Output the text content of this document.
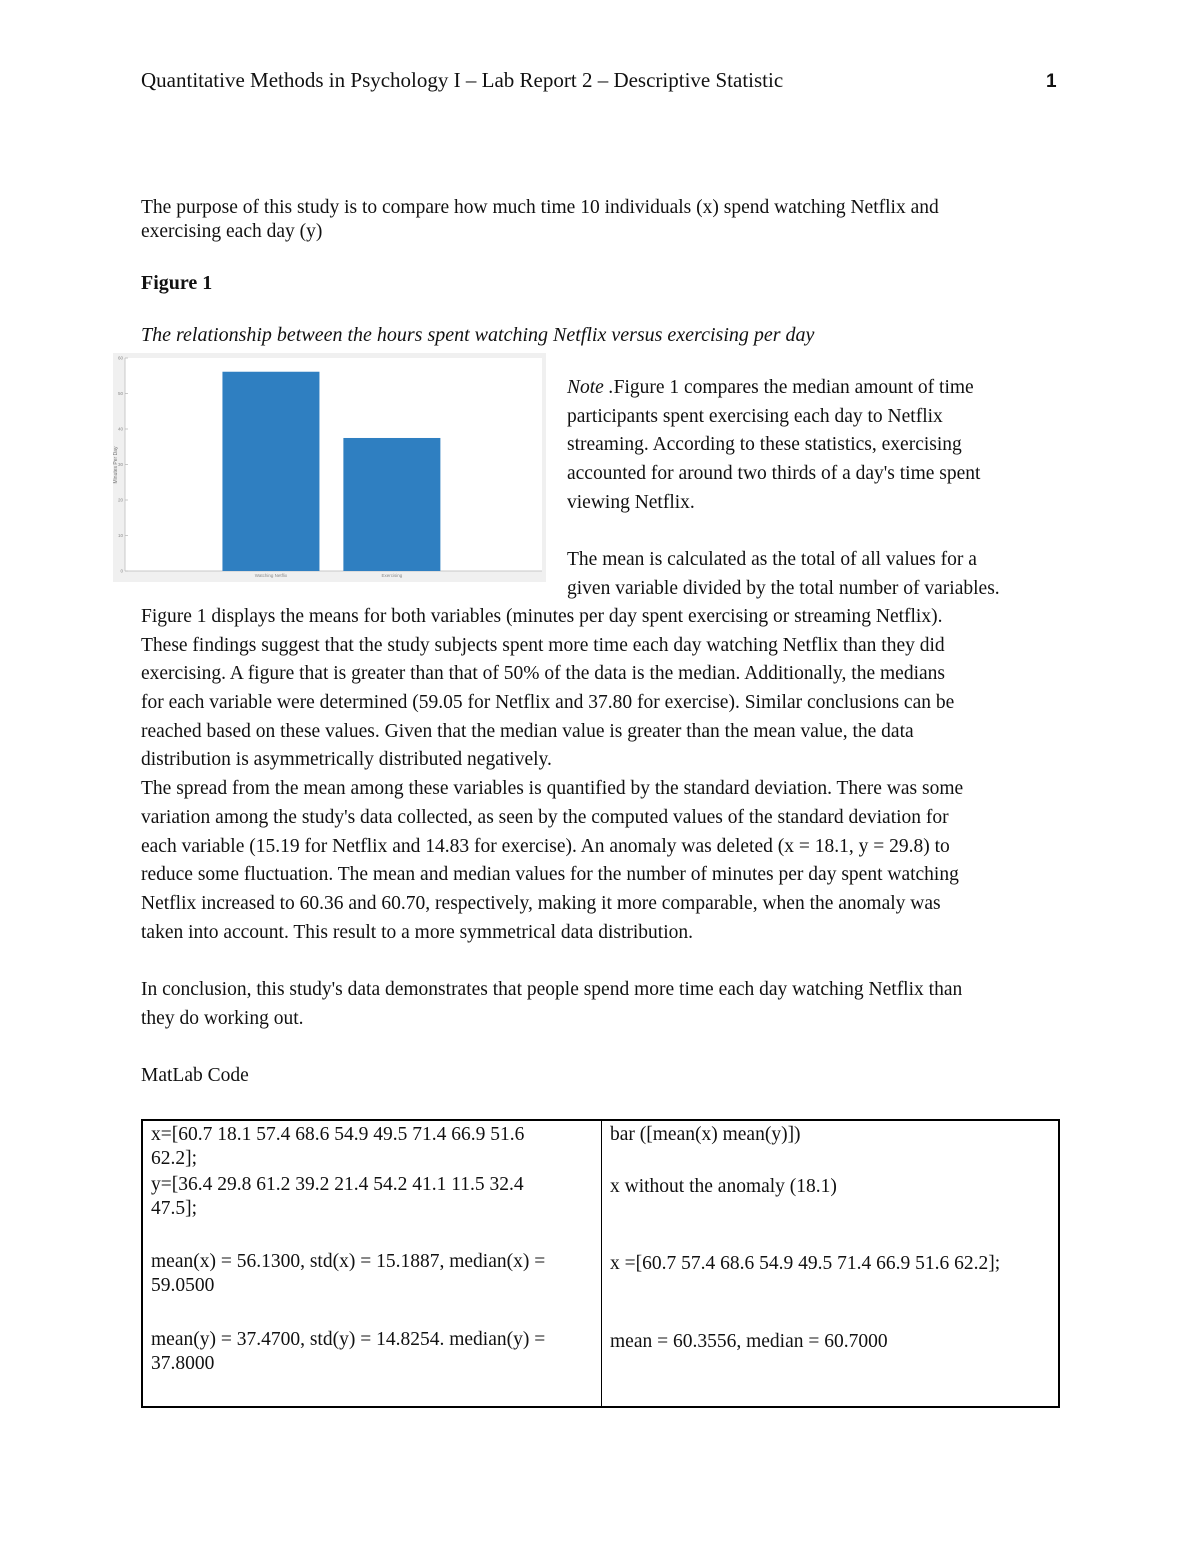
Quantitative Methods in Psychology I – Lab Report 2 – Descriptive Statistic	1
The purpose of this study is to compare how much time 10 individuals (x) spend watching Netflix and
exercising each day (y)
Figure 1
The relationship between the hours spent watching Netflix versus exercising per day
0
10
20
30
40
50
60
Watching Netflix	Exercising
Minutes Per Day
Note .Figure 1 compares the median amount of time
participants spent exercising each day to Netflix
streaming. According to these statistics, exercising
accounted for around two thirds of a day's time spent
viewing Netflix.
The mean is calculated as the total of all values for a
given variable divided by the total number of variables.
Figure 1 displays the means for both variables (minutes per day spent exercising or streaming Netflix).
These findings suggest that the study subjects spent more time each day watching Netflix than they did
exercising. A figure that is greater than that of 50% of the data is the median. Additionally, the medians
for each variable were determined (59.05 for Netflix and 37.80 for exercise). Similar conclusions can be
reached based on these values. Given that the median value is greater than the mean value, the data
distribution is asymmetrically distributed negatively.
The spread from the mean among these variables is quantified by the standard deviation. There was some
variation among the study's data collected, as seen by the computed values of the standard deviation for
each variable (15.19 for Netflix and 14.83 for exercise). An anomaly was deleted (x = 18.1, y = 29.8) to
reduce some fluctuation. The mean and median values for the number of minutes per day spent watching
Netflix increased to 60.36 and 60.70, respectively, making it more comparable, when the anomaly was
taken into account. This result to a more symmetrical data distribution.
In conclusion, this study's data demonstrates that people spend more time each day watching Netflix than
they do working out.
MatLab Code
x=[60.7 18.1 57.4 68.6 54.9 49.5 71.4 66.9 51.6
62.2];
y=[36.4 29.8 61.2 39.2 21.4 54.2 41.1 11.5 32.4
47.5];
mean(x) = 56.1300, std(x) = 15.1887, median(x) =
59.0500
mean(y) = 37.4700, std(y) = 14.8254. median(y) =
37.8000
bar ([mean(x) mean(y)])
x without the anomaly (18.1)
x =[60.7 57.4 68.6 54.9 49.5 71.4 66.9 51.6 62.2];
mean = 60.3556, median = 60.7000
